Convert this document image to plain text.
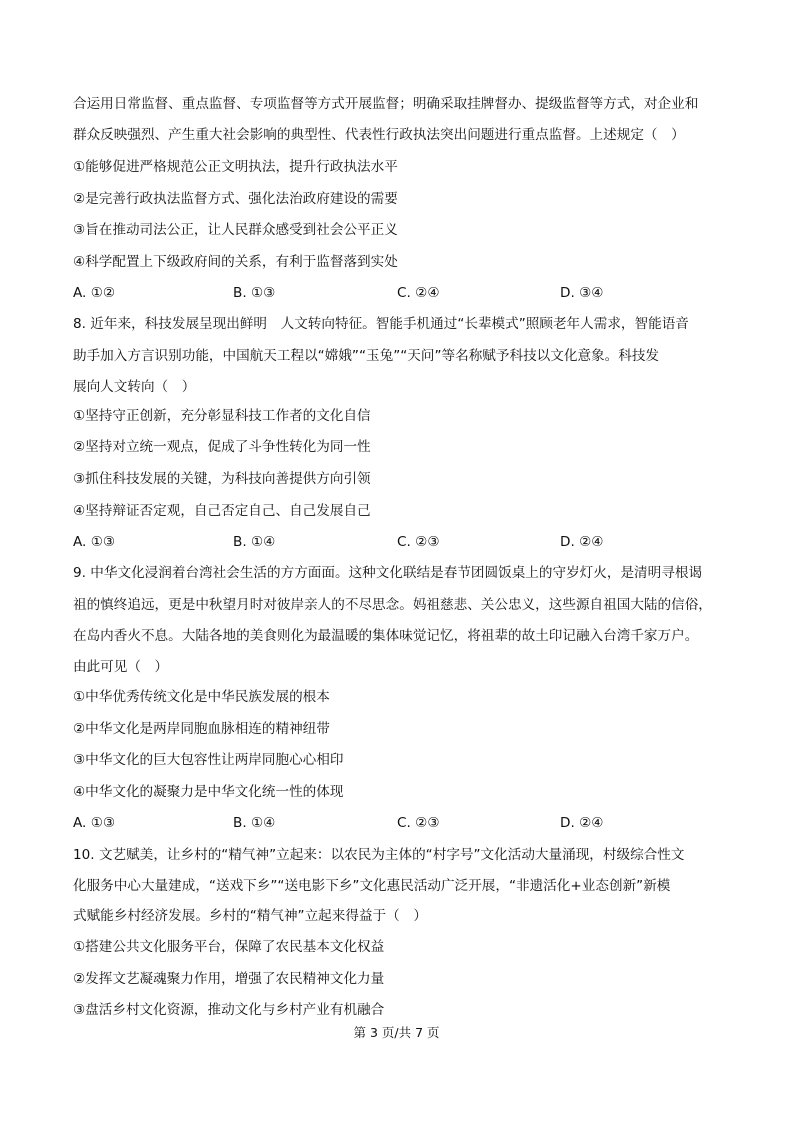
合运用日常监督、重点监督、专项监督等方式开展监督；明确采取挂牌督办、提级监督等方式，对企业和
群众反映强烈、产生重大社会影响的典型性、代表性行政执法突出问题进行重点监督。上述规定（　）
①能够促进严格规范公正文明执法，提升行政执法水平
②是完善行政执法监督方式、强化法治政府建设的需要
③旨在推动司法公正，让人民群众感受到社会公平正义
④科学配置上下级政府间的关系，有利于监督落到实处
A. ①②	B. ①③	C. ②④	D. ③④
8. 近年来，科技发展呈现出鲜明　人文转向特征。智能手机通过“长辈模式”照顾老年人需求，智能语音
助手加入方言识别功能，中国航天工程以“嫦娥”“玉兔”“天问”等名称赋予科技以文化意象。科技发
展向人文转向（　）
①坚持守正创新，充分彰显科技工作者的文化自信
②坚持对立统一观点，促成了斗争性转化为同一性
③抓住科技发展的关键，为科技向善提供方向引领
④坚持辩证否定观，自己否定自己、自己发展自己
A. ①③	B. ①④	C. ②③	D. ②④
9. 中华文化浸润着台湾社会生活的方方面面。这种文化联结是春节团圆饭桌上的守岁灯火，是清明寻根谒
祖的慎终追远，更是中秋望月时对彼岸亲人的不尽思念。妈祖慈悲、关公忠义，这些源自祖国大陆的信俗，
在岛内香火不息。大陆各地的美食则化为最温暖的集体味觉记忆，将祖辈的故土印记融入台湾千家万户。
由此可见（　）
①中华优秀传统文化是中华民族发展的根本
②中华文化是两岸同胞血脉相连的精神纽带
③中华文化的巨大包容性让两岸同胞心心相印
④中华文化的凝聚力是中华文化统一性的体现
A. ①③	B. ①④	C. ②③	D. ②④
10. 文艺赋美，让乡村的“精气神”立起来：以农民为主体的“村字号”文化活动大量涌现，村级综合性文
化服务中心大量建成，“送戏下乡”“送电影下乡”文化惠民活动广泛开展，“非遗活化+业态创新”新模
式赋能乡村经济发展。乡村的“精气神”立起来得益于（　）
①搭建公共文化服务平台，保障了农民基本文化权益
②发挥文艺凝魂聚力作用，增强了农民精神文化力量
③盘活乡村文化资源，推动文化与乡村产业有机融合
第 3 页/共 7 页
